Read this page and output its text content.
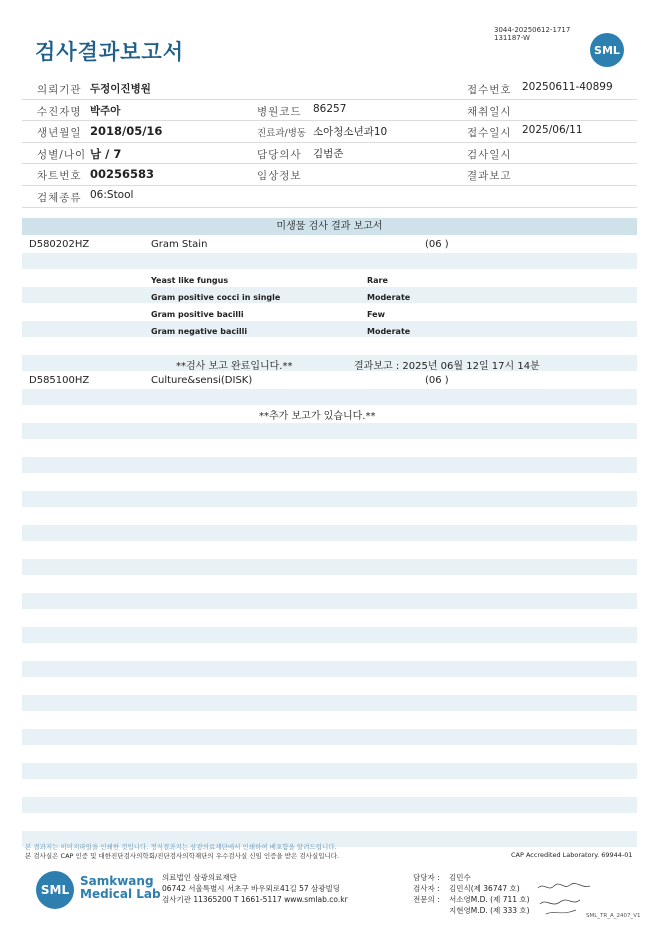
검사결과보고서
3044-20250612-1717
131187-W
SML
의뢰기관 두정이진병원	접수번호 20250611-40899
수진자명 박주아	병원코드 86257	채취일시
생년월일 2018/05/16	진료과/병동 소아청소년과10	접수일시 2025/06/11
성별/나이 남 / 7	담당의사 김범준	검사일시
차트번호 00256583	임상정보	결과보고
검체종류 06:Stool
미생물 검사 결과 보고서
D580202HZ	Gram Stain	(06 )
Yeast like fungus	Rare
Gram positive cocci in single	Moderate
Gram positive bacilli	Few
Gram negative bacilli	Moderate
**검사 보고 완료입니다.**	결과보고 : 2025년 06월 12일 17시 14분
D585100HZ	Culture&sensi(DISK)	(06 )
**추가 보고가 있습니다.**
본 결과지는 이미지파일을 인쇄한 것입니다. 정식결과지는 삼광의료재단에서 인쇄하여 배포함을 알려드립니다.
본 검사실은 CAP 인증 및 대한진단검사의학회/진단검사의학재단의 우수검사실 신임 인증을 받은 검사실입니다.	CAP Accredited Laboratory. 69944-01
SML
Samkwang
Medical Lab
의료법인 삼광의료재단
06742 서울특별시 서초구 바우뫼로41길 57 삼광빌딩
검사기관 11365200 T 1661-5117 www.smlab.co.kr
담당자 : 김민수
검사자 : 김민식(제 36747 호)
전문의 : 서소영M.D. (제 711 호)
지현영M.D. (제 333 호)
SML_TR_A_2407_V1
